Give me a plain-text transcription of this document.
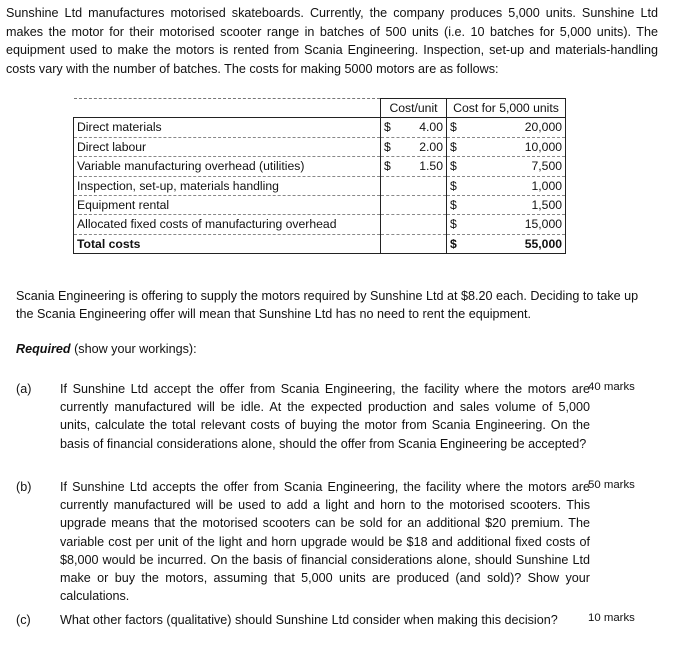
Sunshine Ltd manufactures motorised skateboards. Currently, the company produces 5,000 units. Sunshine Ltd makes the motor for their motorised scooter range in batches of 500 units (i.e. 10 batches for 5,000 units). The equipment used to make the motors is rented from Scania Engineering. Inspection, set-up and materials-handling costs vary with the number of batches. The costs for making 5000 motors are as follows:

	Cost/unit	Cost for 5,000 units
Direct materials	$ 4.00	$ 20,000

Direct labour	$ 2.00	$ 10,000

Variable manufacturing overhead (utilities)	$ 1.50	$ 7,500

Inspection, set-up, materials handling		$ 1,000

Equipment rental		$ 1,500

Allocated fixed costs of manufacturing overhead		$ 15,000

Total costs		$ 55,000

Scania Engineering is offering to supply the motors required by Sunshine Ltd at $8.20 each. Deciding to take up the Scania Engineering offer will mean that Sunshine Ltd has no need to rent the equipment.

Required (show your workings):

(a) If Sunshine Ltd accept the offer from Scania Engineering, the facility where the motors are currently manufactured will be idle. At the expected production and sales volume of 5,000 units, calculate the total relevant costs of buying the motor from Scania Engineering. On the basis of financial considerations alone, should the offer from Scania Engineering be accepted?

40 marks
(b) If Sunshine Ltd accepts the offer from Scania Engineering, the facility where the motors are currently manufactured will be used to add a light and horn to the motorised scooters. This upgrade means that the motorised scooters can be sold for an additional $20 premium. The variable cost per unit of the light and horn upgrade would be $18 and additional fixed costs of $8,000 would be incurred. On the basis of financial considerations alone, should Sunshine Ltd make or buy the motors, assuming that 5,000 units are produced (and sold)? Show your calculations.

50 marks
(c) What other factors (qualitative) should Sunshine Ltd consider when making this decision?	10 marks
